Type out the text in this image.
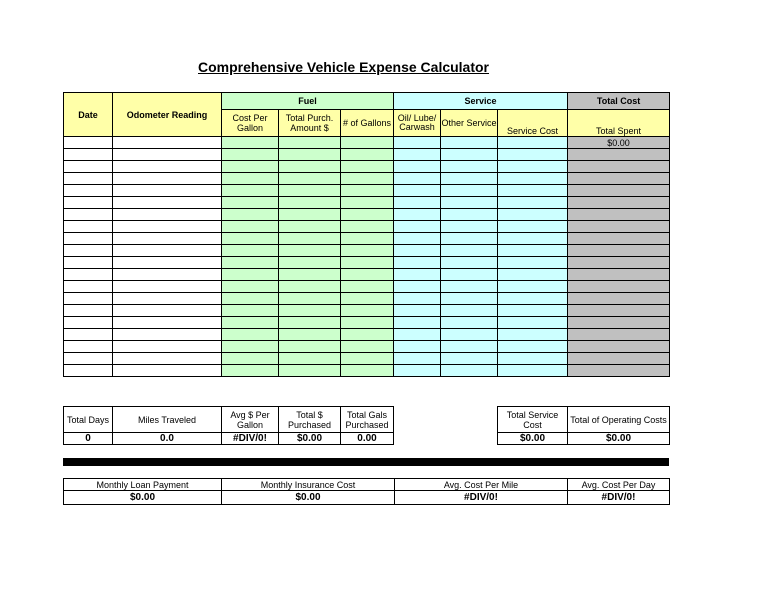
Comprehensive Vehicle Expense Calculator
Date	Odometer Reading	Fuel			Service			Total Cost
		Cost Per Gallon	Total Purch. Amount $	# of Gallons	Oil/ Lube/ Carwash	Other Service	Service Cost	Total Spent
								$0.00

Total Days	Miles Traveled	Avg $ Per Gallon	Total $ Purchased	Total Gals Purchased
0	0.0	#DIV/0!	$0.00	0.00
Total Service Cost	Total of Operating Costs
$0.00	$0.00
Monthly Loan Payment	Monthly Insurance Cost	Avg. Cost Per Mile	Avg. Cost Per Day
$0.00	$0.00	#DIV/0!	#DIV/0!
